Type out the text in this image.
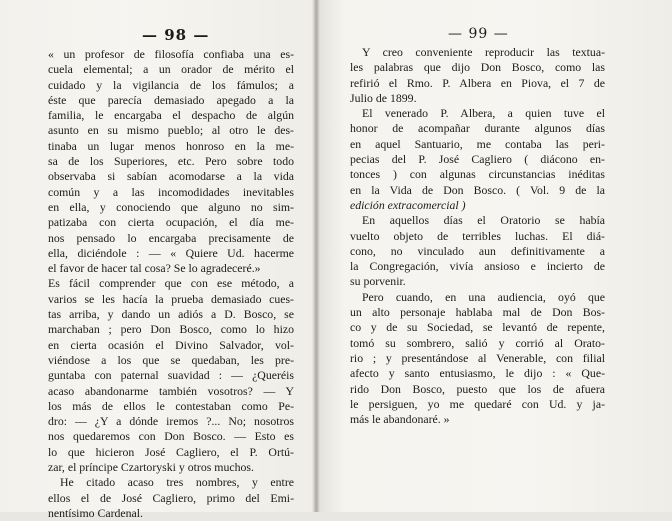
— 98 —
« un profesor de filosofía confiaba una es-
cuela elemental; a un orador de mérito el
cuidado y la vigilancia de los fámulos; a
éste que parecía demasiado apegado a la
familia, le encargaba el despacho de algún
asunto en su mismo pueblo; al otro le des-
tinaba un lugar menos honroso en la me-
sa de los Superiores, etc. Pero sobre todo
observaba si sabían acomodarse a la vida
común y a las incomodidades inevitables
en ella, y conociendo que alguno no sim-
patizaba con cierta ocupación, el día me-
nos pensado lo encargaba precisamente de
ella, diciéndole : — « Quiere Ud. hacerme
el favor de hacer tal cosa? Se lo agradeceré.»
Es fácil comprender que con ese método, a
varios se les hacía la prueba demasiado cues-
tas arriba, y dando un adiós a D. Bosco, se
marchaban ; pero Don Bosco, como lo hizo
en cierta ocasión el Divino Salvador, vol-
viéndose a los que se quedaban, les pre-
guntaba con paternal suavidad : — ¿Queréis
acaso abandonarme también vosotros? — Y
los más de ellos le contestaban como Pe-
dro: — ¿Y a dónde iremos ?... No; nosotros
nos quedaremos con Don Bosco. — Esto es
lo que hicieron José Cagliero, el P. Ortú-
zar, el príncipe Czartoryski y otros muchos.
He citado acaso tres nombres, y entre
ellos el de José Cagliero, primo del Emi-
nentísimo Cardenal.
— 99 —
Y creo conveniente reproducir las textua-
les palabras que dijo Don Bosco, como las
refirió el Rmo. P. Albera en Piova, el 7 de
Julio de 1899.
El venerado P. Albera, a quien tuve el
honor de acompañar durante algunos días
en aquel Santuario, me contaba las peri-
pecias del P. José Cagliero ( diácono en-
tonces ) con algunas circunstancias inéditas
en la Vida de Don Bosco. ( Vol. 9 de la
edición extracomercial )
En aquellos días el Oratorio se había
vuelto objeto de terribles luchas. El diá-
cono, no vinculado aun definitivamente a
la Congregación, vivía ansioso e incierto de
su porvenir.
Pero cuando, en una audiencia, oyó que
un alto personaje hablaba mal de Don Bos-
co y de su Sociedad, se levantó de repente,
tomó su sombrero, salió y corrió al Orato-
rio ; y presentándose al Venerable, con filial
afecto y santo entusiasmo, le dijo : « Que-
rido Don Bosco, puesto que los de afuera
le persiguen, yo me quedaré con Ud. y ja-
más le abandonaré. »
